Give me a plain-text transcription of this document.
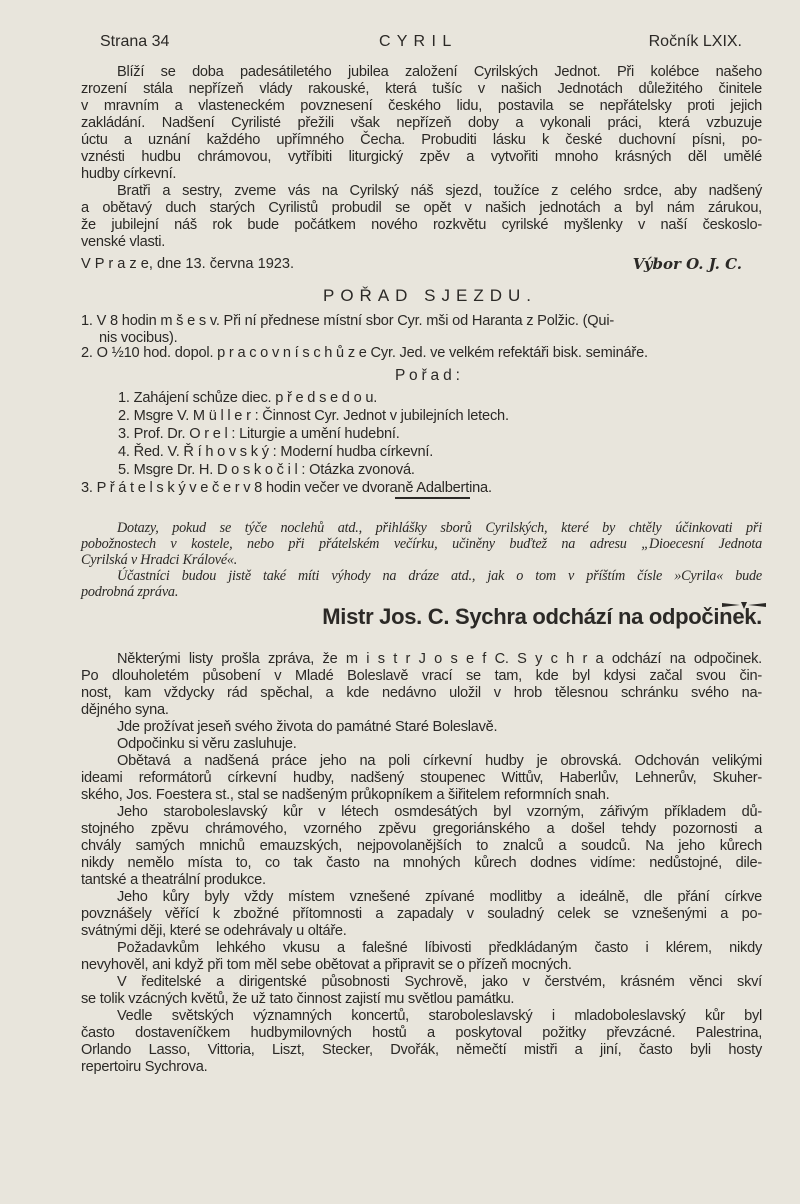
Strana 34	C Y R I L	Ročník LXIX.
Blíží se doba padesátiletého jubilea založení Cyrilských Jednot. Při kolébce našeho
zrození stála nepřízeň vlády rakouské, která tušíc v našich Jednotách důležitého činitele
v mravním a vlasteneckém povznesení českého lidu, postavila se nepřátelsky proti jejich
zakládání. Nadšení Cyrilisté přežili však nepřízeň doby a vykonali práci, která vzbuzuje
úctu a uznání každého upřímného Čecha. Probuditi lásku k české duchovní písni, po-
vznésti hudbu chrámovou, vytříbiti liturgický zpěv a vytvořiti mnoho krásných děl umělé
hudby církevní.
Bratři a sestry, zveme vás na Cyrilský náš sjezd, toužíce z celého srdce, aby nadšený
a obětavý duch starých Cyrilistů probudil se opět v našich jednotách a byl nám zárukou,
že jubilejní náš rok bude počátkem nového rozkvětu cyrilské myšlenky v naší českoslo-
venské vlasti.
V P r a z e, dne 13. června 1923.	Výbor O. J. C.
POŘAD SJEZDU.
1. V 8 hodin m š e s v. Při ní přednese místní sbor Cyr. mši od Haranta z Polžic. (Qui-
nis vocibus).
2. O ½10 hod. dopol. p r a c o v n í s c h ů z e Cyr. Jed. ve velkém refektáři bisk. semináře.
P o ř a d :
1. Zahájení schůze diec. p ř e d s e d o u.
2. Msgre V. M ü l l e r : Činnost Cyr. Jednot v jubilejních letech.
3. Prof. Dr. O r e l : Liturgie a umění hudební.
4. Řed. V. Ř í h o v s k ý : Moderní hudba církevní.
5. Msgre Dr. H. D o s k o č i l : Otázka zvonová.
3. P ř á t e l s k ý v e č e r v 8 hodin večer ve dvoraně Adalbertina.
Dotazy, pokud se týče noclehů atd., přihlášky sborů Cyrilských, které by chtěly účinkovati při
pobožnostech v kostele, nebo při přátelském večírku, učiněny buďtež na adresu „Dioecesní Jednota
Cyrilská v Hradci Králové«.
Účastníci budou jistě také míti výhody na dráze atd., jak o tom v příštím čísle »Cyrila« bude
podrobná zpráva.
Mistr Jos. C. Sychra odchází na odpočinek.
Některými listy prošla zpráva, že m i s t r J o s e f C. S y c h r a odchází na odpočinek.
Po dlouholetém působení v Mladé Boleslavě vrací se tam, kde byl kdysi začal svou čin-
nost, kam vždycky rád spěchal, a kde nedávno uložil v hrob tělesnou schránku svého na-
dějného syna.
Jde prožívat jeseň svého života do památné Staré Boleslavě.
Odpočinku si věru zasluhuje.
Obětavá a nadšená práce jeho na poli církevní hudby je obrovská. Odchován velikými
ideami reformátorů církevní hudby, nadšený stoupenec Wittův, Haberlův, Lehnerův, Skuher-
ského, Jos. Foestera st., stal se nadšeným průkopníkem a šiřitelem reformních snah.
Jeho staroboleslavský kůr v létech osmdesátých byl vzorným, zářivým příkladem dů-
stojného zpěvu chrámového, vzorného zpěvu gregoriánského a došel tehdy pozornosti a
chvály samých mnichů emauzských, nejpovolanějších to znalců a soudců. Na jeho kůrech
nikdy nemělo místa to, co tak často na mnohých kůrech dodnes vidíme: nedůstojné, dile-
tantské a theatrální produkce.
Jeho kůry byly vždy místem vznešené zpívané modlitby a ideálně, dle přání církve
povznášely věřící k zbožné přítomnosti a zapadaly v souladný celek se vznešenými a po-
svátnými ději, které se odehrávaly u oltáře.
Požadavkům lehkého vkusu a falešné líbivosti předkládaným často i klérem, nikdy
nevyhověl, ani když při tom měl sebe obětovat a připravit se o přízeň mocných.
V ředitelské a dirigentské působnosti Sychrově, jako v čerstvém, krásném věnci skví
se tolik vzácných květů, že už tato činnost zajistí mu světlou památku.
Vedle světských významných koncertů, staroboleslavský i mladoboleslavský kůr byl
často dostaveníčkem hudbymilovných hostů a poskytoval požitky převzácné. Palestrina,
Orlando Lasso, Vittoria, Liszt, Stecker, Dvořák, němečtí mistři a jiní, často byli hosty
repertoiru Sychrova.
